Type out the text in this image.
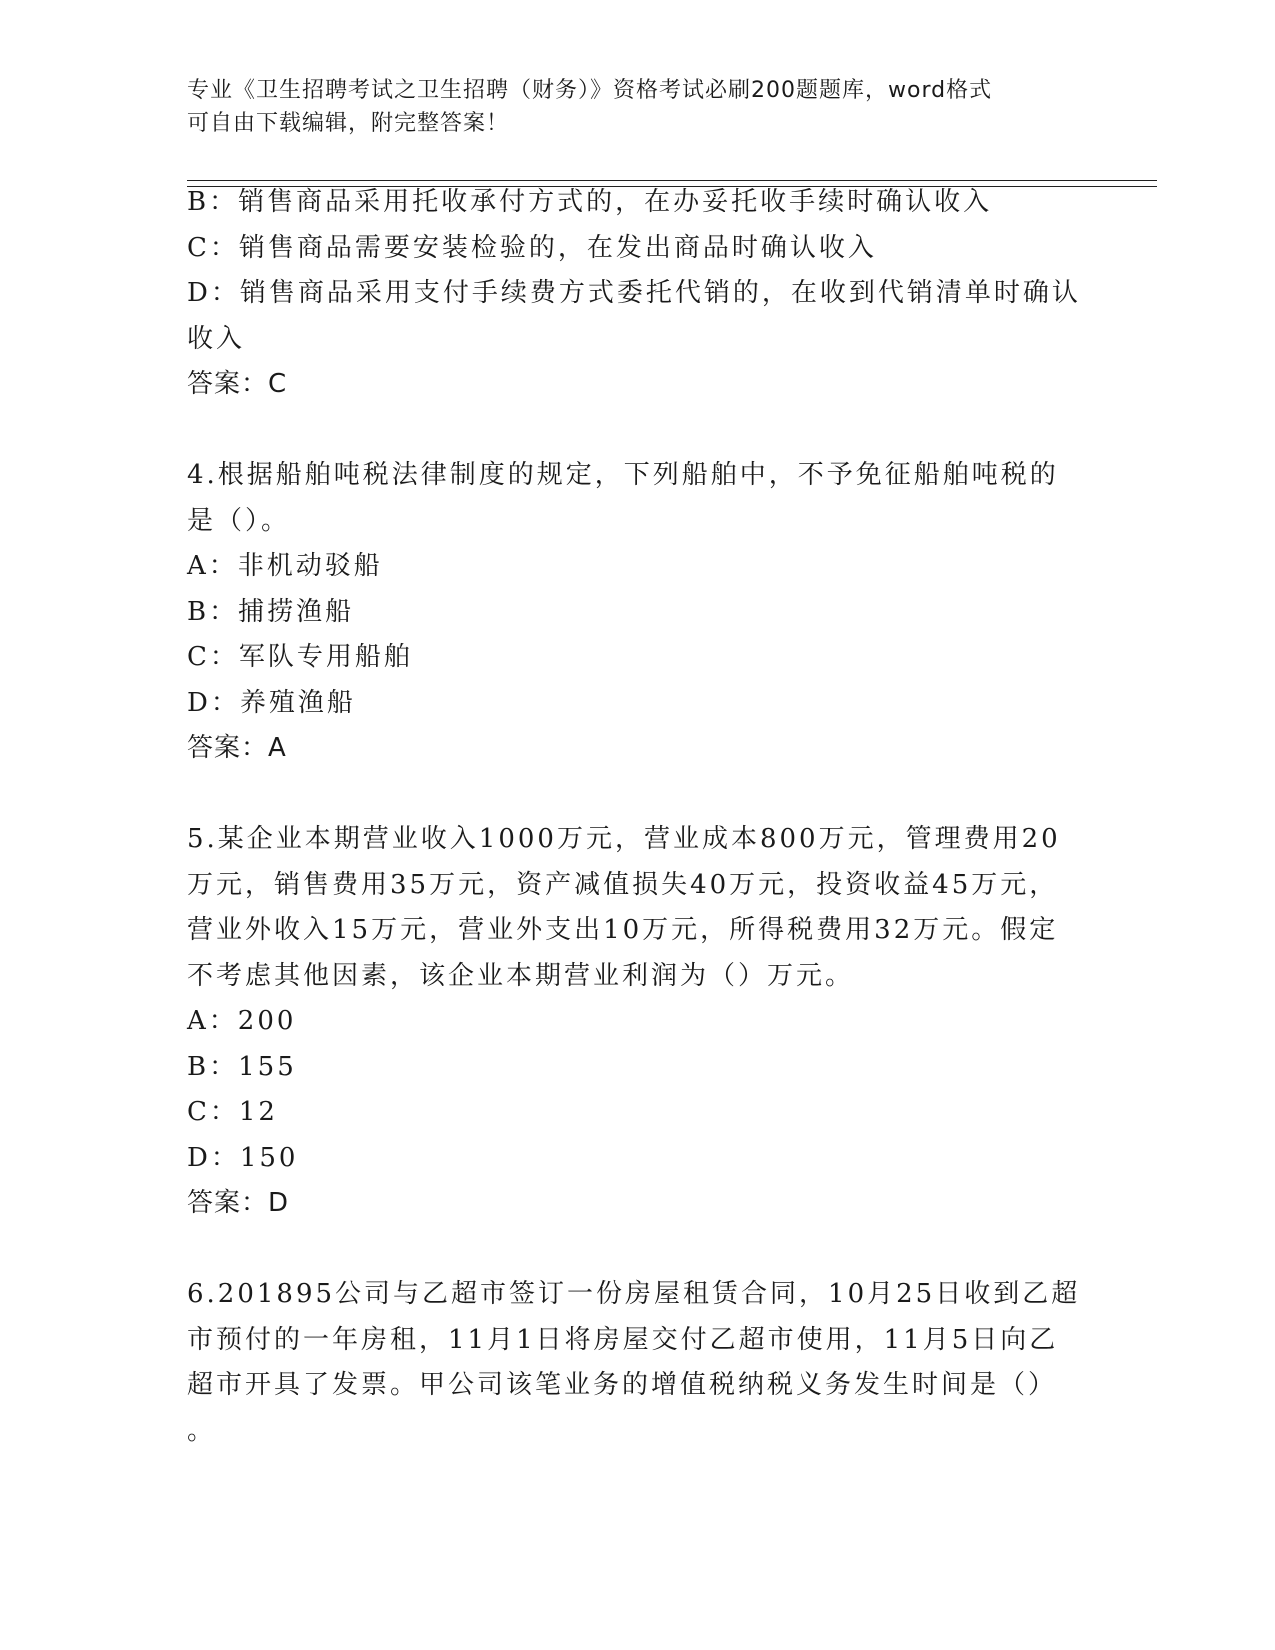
专业《卫生招聘考试之卫生招聘（财务）》资格考试必刷200题题库，word格式
可自由下载编辑，附完整答案！
B：销售商品采用托收承付方式的，在办妥托收手续时确认收入
C：销售商品需要安装检验的，在发出商品时确认收入
D：销售商品采用支付手续费方式委托代销的，在收到代销清单时确认
收入
答案：C
4.根据船舶吨税法律制度的规定，下列船舶中，不予免征船舶吨税的
是（）。
A：非机动驳船
B：捕捞渔船
C：军队专用船舶
D：养殖渔船
答案：A
5.某企业本期营业收入1000万元，营业成本800万元，管理费用20
万元，销售费用35万元，资产减值损失40万元，投资收益45万元，
营业外收入15万元，营业外支出10万元，所得税费用32万元。假定
不考虑其他因素，该企业本期营业利润为（）万元。
A：200
B：155
C：12
D：150
答案：D
6.201895公司与乙超市签订一份房屋租赁合同，10月25日收到乙超
市预付的一年房租，11月1日将房屋交付乙超市使用，11月5日向乙
超市开具了发票。甲公司该笔业务的增值税纳税义务发生时间是（）
。
